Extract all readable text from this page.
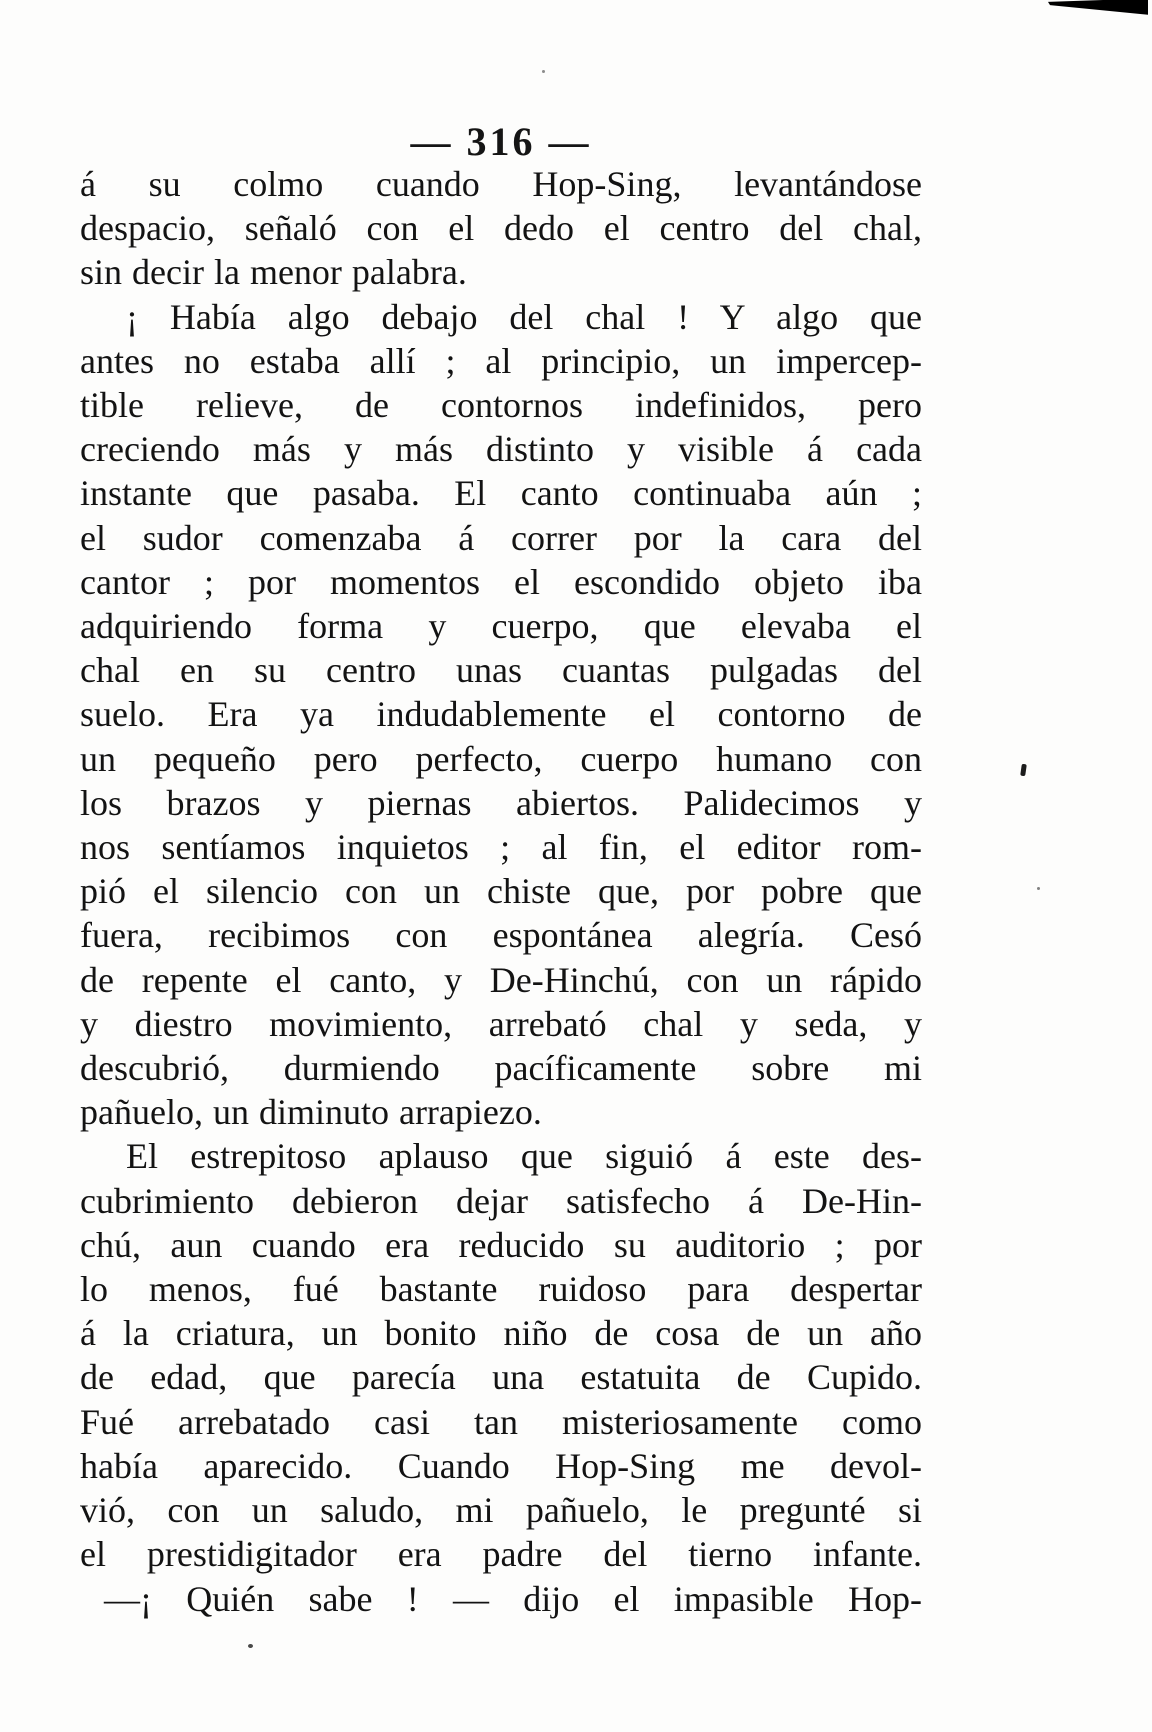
— 316 —
á su colmo cuando Hop-Sing, levantándose
despacio, señaló con el dedo el centro del chal,
sin decir la menor palabra.
¡ Había algo debajo del chal ! Y algo que
antes no estaba allí ; al principio, un impercep-
tible relieve, de contornos indefinidos, pero
creciendo más y más distinto y visible á cada
instante que pasaba. El canto continuaba aún ;
el sudor comenzaba á correr por la cara del
cantor ; por momentos el escondido objeto iba
adquiriendo forma y cuerpo, que elevaba el
chal en su centro unas cuantas pulgadas del
suelo. Era ya indudablemente el contorno de
un pequeño pero perfecto, cuerpo humano con
los brazos y piernas abiertos. Palidecimos y
nos sentíamos inquietos ; al fin, el editor rom-
pió el silencio con un chiste que, por pobre que
fuera, recibimos con espontánea alegría. Cesó
de repente el canto, y De-Hinchú, con un rápido
y diestro movimiento, arrebató chal y seda, y
descubrió, durmiendo pacíficamente sobre mi
pañuelo, un diminuto arrapiezo.
El estrepitoso aplauso que siguió á este des-
cubrimiento debieron dejar satisfecho á De-Hin-
chú, aun cuando era reducido su auditorio ; por
lo menos, fué bastante ruidoso para despertar
á la criatura, un bonito niño de cosa de un año
de edad, que parecía una estatuita de Cupido.
Fué arrebatado casi tan misteriosamente como
había aparecido. Cuando Hop-Sing me devol-
vió, con un saludo, mi pañuelo, le pregunté si
el prestidigitador era padre del tierno infante.
—¡ Quién sabe ! — dijo el impasible Hop-
